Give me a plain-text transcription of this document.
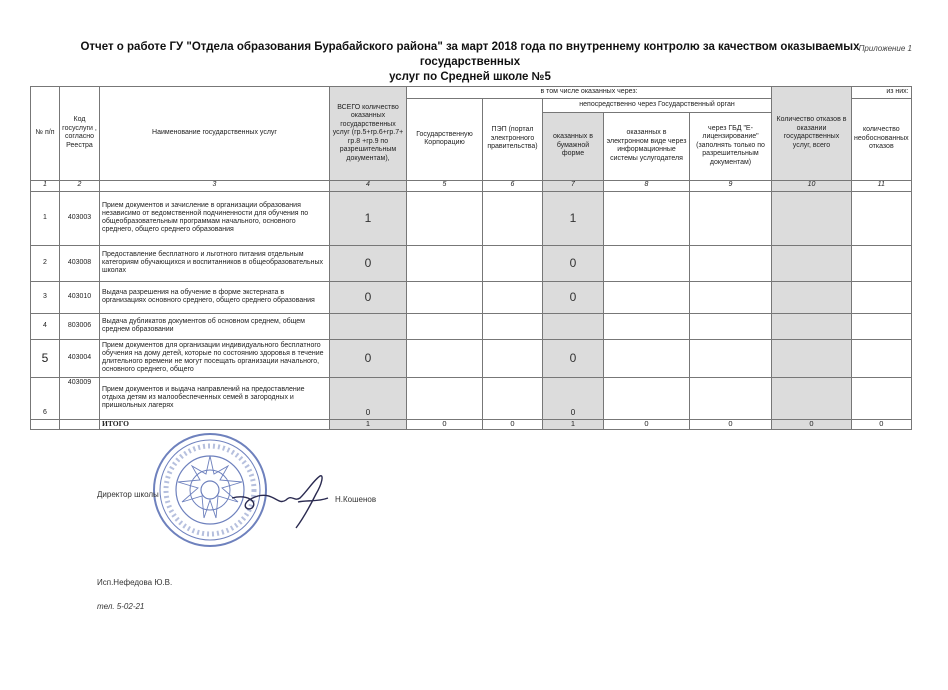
Приложение 1
Отчет о работе ГУ "Отдела образования Бурабайского района" за март 2018 года по внутреннему контролю за качеством оказываемых государственных
услуг по Средней школе №5
№ п/п	Код госуслуги , согласно Реестра	Наименование государственных услуг	ВСЕГО количество оказанных государственных услуг (гр.5+гр.6+гр.7+ гр.8 +гр.9 по разрешительным документам),	в том числе оказанных через:					Количество отказов в оказании государственных услуг, всего	из них:
				Государственную Корпорацию	ПЭП (портал электронного правительства)	непосредственно через Государственный орган				количество необоснованных отказов
						оказанных в бумажной форме	оказанных в электронном виде через информационные системы услугодателя	через ГБД "Е-лицензирование" (заполнять только по разрешительным документам)		
1	2	3	4	5	6	7	8	9	10	11
1	403003	Прием документов и зачисление в организации образования независимо от ведомственной подчиненности для обучения по общеобразовательным программам начального, основного среднего, общего среднего образования	1			1				
2	403008	Предоставление бесплатного и льготного питания отдельным категориям обучающихся и воспитанников в общеобразовательных школах	0			0				
3	403010	Выдача разрешения на обучение в форме экстерната в организациях основного среднего, общего среднего образования	0			0				
4	803006	Выдача дубликатов документов об основном среднем, общем среднем образовании								
5	403004	Прием документов для организации индивидуального бесплатного обучения на дому детей, которые по состоянию здоровья в течение длительного времени не могут посещать организации начального, основного среднего, общего	0			0				
6	403009	Прием документов и выдача направлений на предоставление отдыха детям из малообеспеченных семей в загородных и пришкольных лагерях	0			0				
		ИТОГО	1	0	0	1	0	0	0	0
Директор школы
Н.Кошенов
Исп.Нефедова Ю.В.
тел. 5-02-21
